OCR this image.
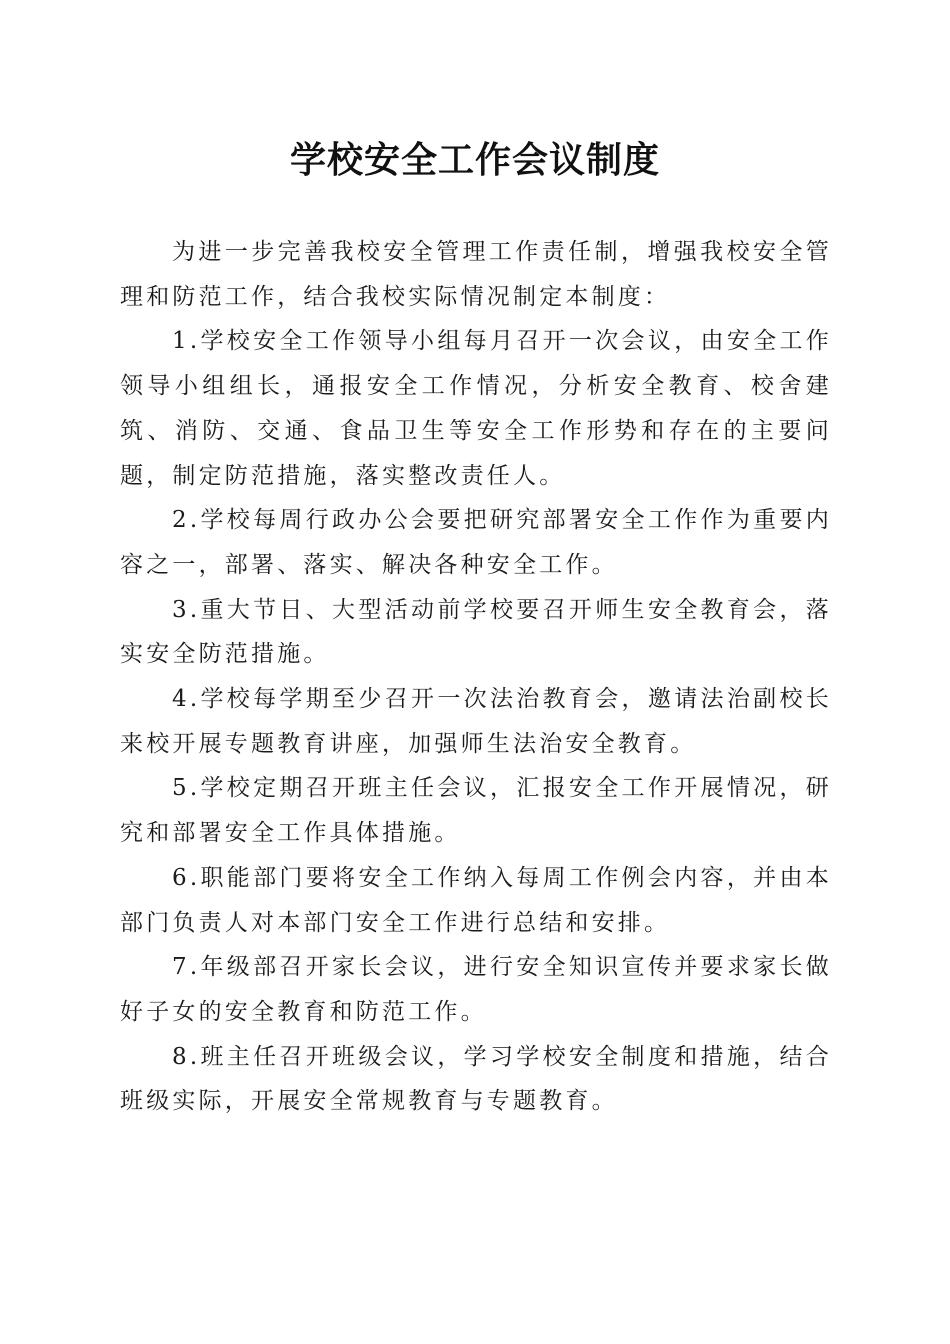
学校安全工作会议制度

为进一步完善我校安全管理工作责任制，增强我校安全管理和防范工作，结合我校实际情况制定本制度：

1.学校安全工作领导小组每月召开一次会议，由安全工作领导小组组长，通报安全工作情况，分析安全教育、校舍建筑、消防、交通、食品卫生等安全工作形势和存在的主要问题，制定防范措施，落实整改责任人。

2.学校每周行政办公会要把研究部署安全工作作为重要内容之一，部署、落实、解决各种安全工作。

3.重大节日、大型活动前学校要召开师生安全教育会，落实安全防范措施。

4.学校每学期至少召开一次法治教育会，邀请法治副校长来校开展专题教育讲座，加强师生法治安全教育。

5.学校定期召开班主任会议，汇报安全工作开展情况，研究和部署安全工作具体措施。

6.职能部门要将安全工作纳入每周工作例会内容，并由本部门负责人对本部门安全工作进行总结和安排。

7.年级部召开家长会议，进行安全知识宣传并要求家长做好子女的安全教育和防范工作。

8.班主任召开班级会议，学习学校安全制度和措施，结合班级实际，开展安全常规教育与专题教育。
